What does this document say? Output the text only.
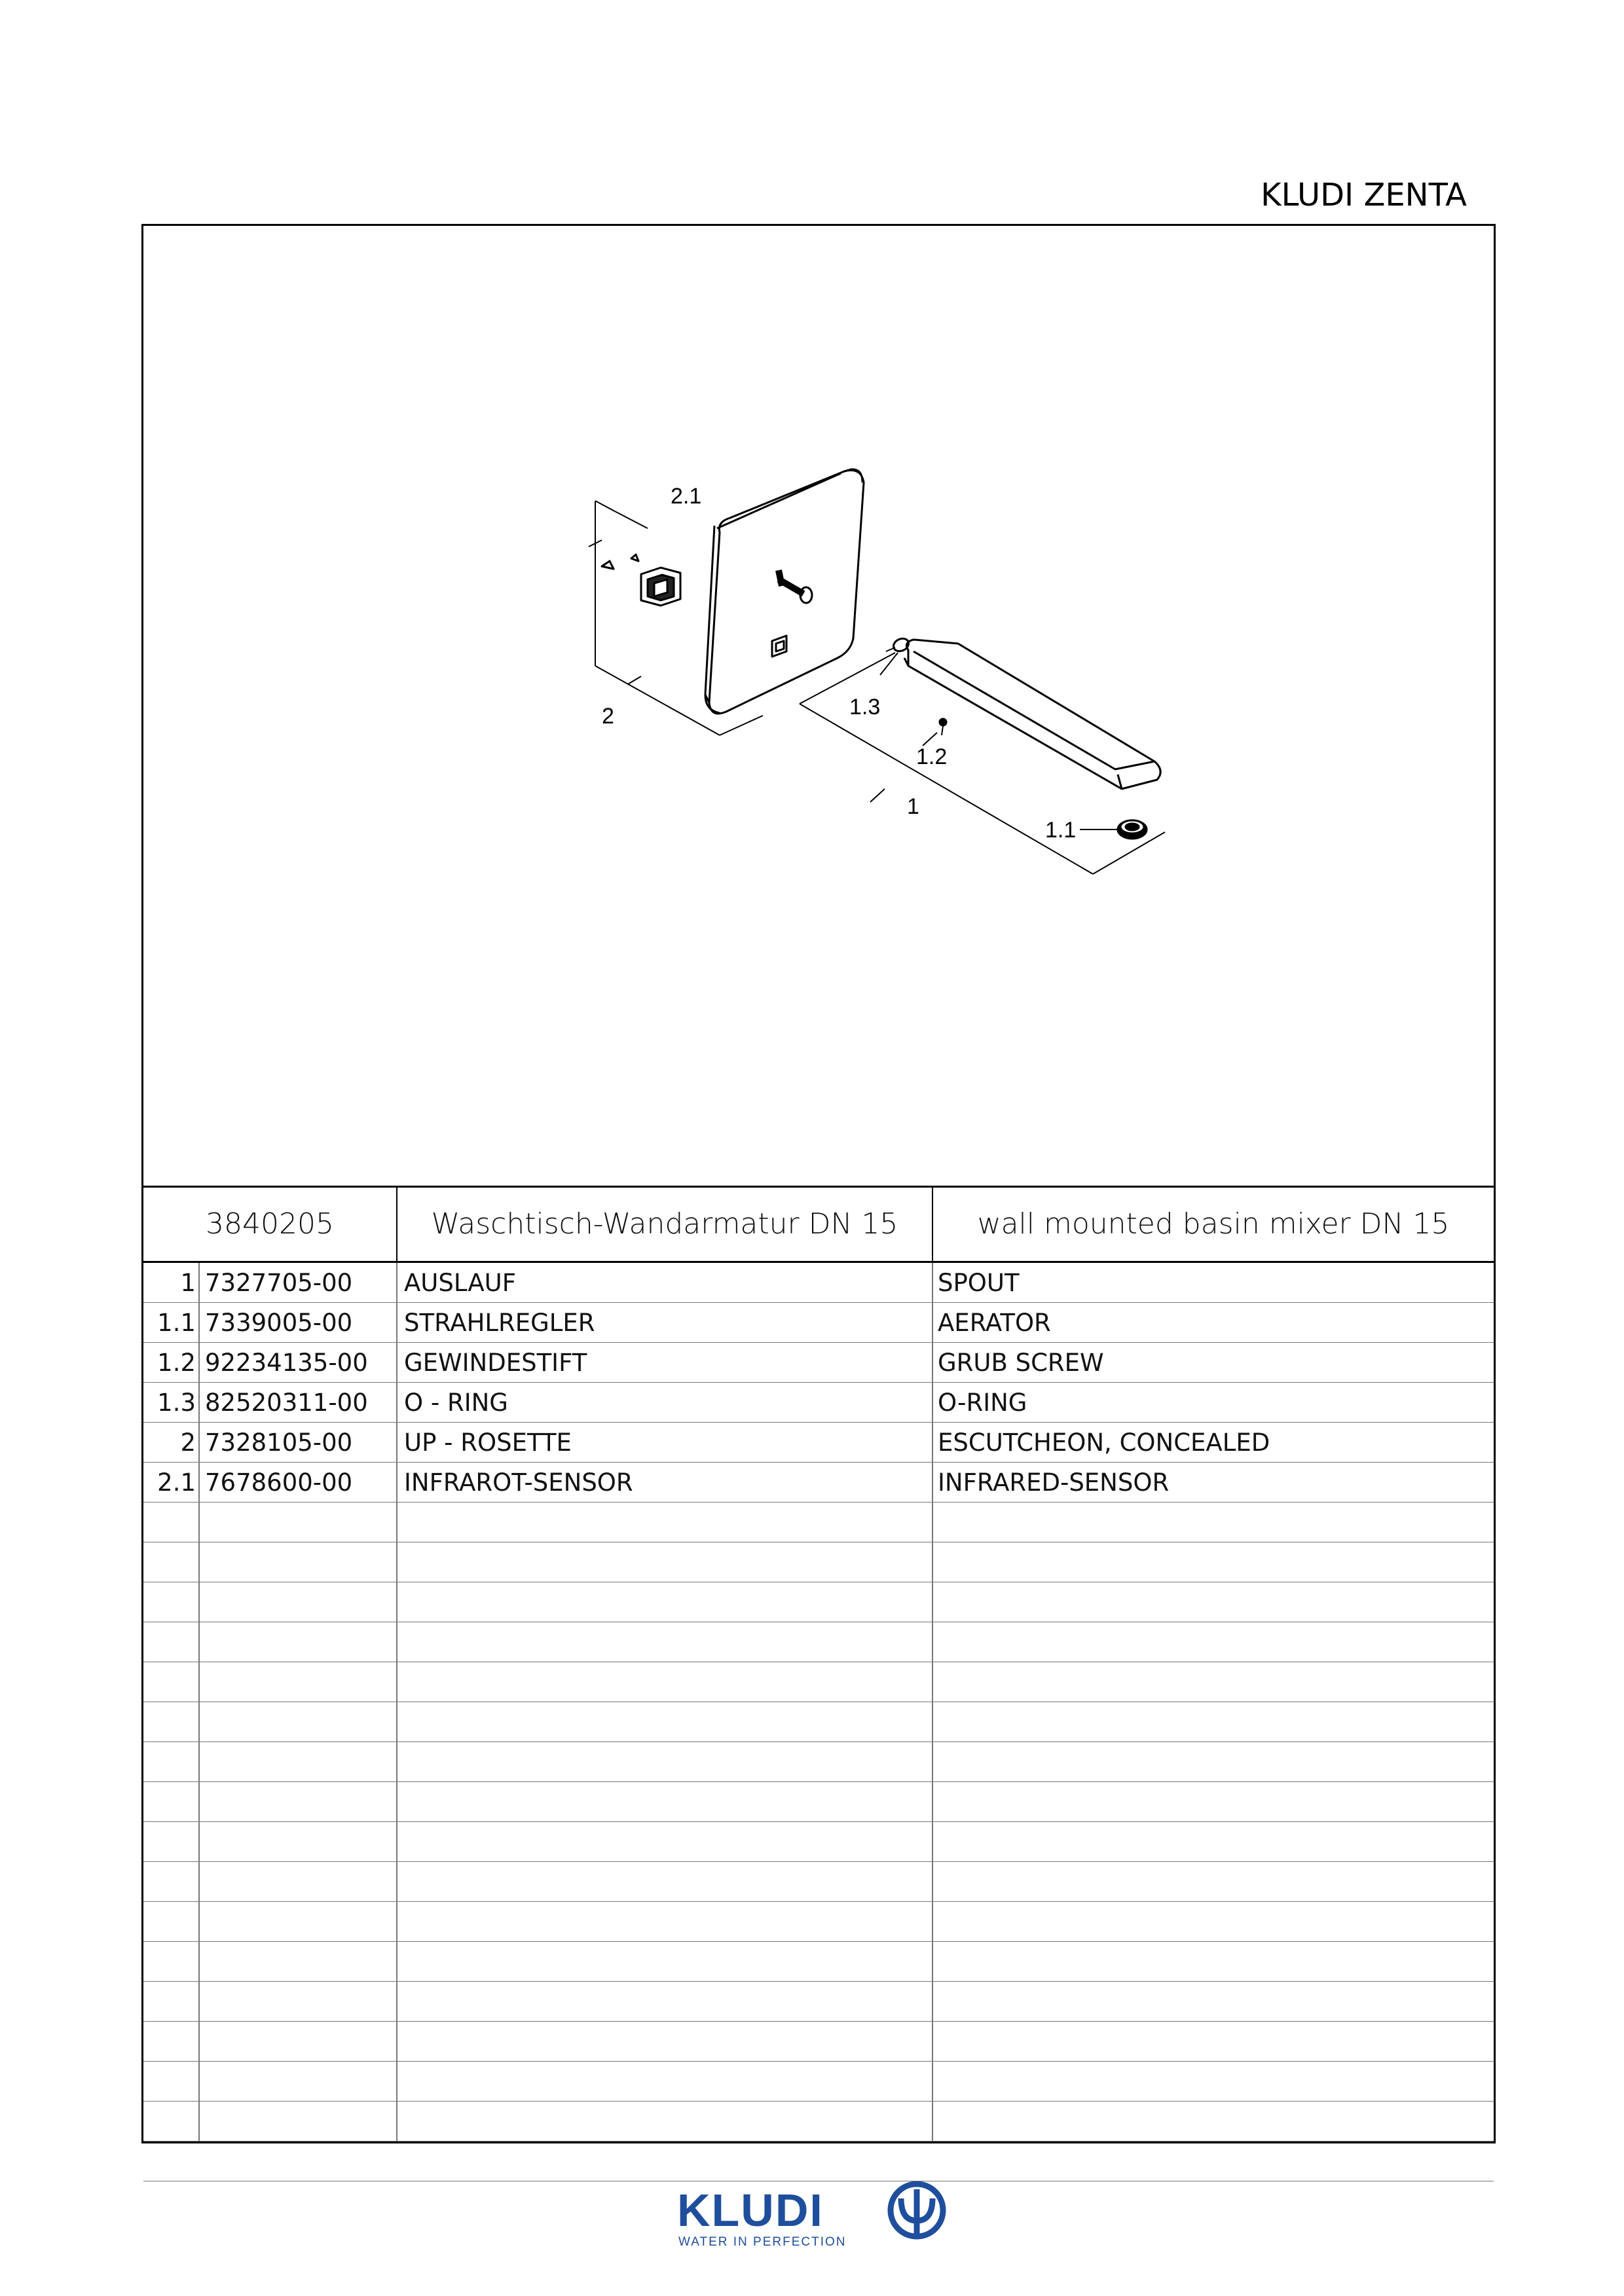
KLUDI ZENTA
2.1
2	1.3
1.2
1
1.1
3840205	Waschtisch-Wandarmatur DN 15	wall mounted basin mixer DN 15
1 7327705-00 AUSLAUF	SPOUT
1.1 7339005-00 STRAHLREGLER	AERATOR
1.2 92234135-00 GEWINDESTIFT	GRUB SCREW
1.3 82520311-00 O - RING	O-RING
2 7328105-00 UP - ROSETTE	ESCUTCHEON, CONCEALED
2.1 7678600-00 INFRAROT-SENSOR	INFRARED-SENSOR
KLUDI
WATER IN PERFECTION
